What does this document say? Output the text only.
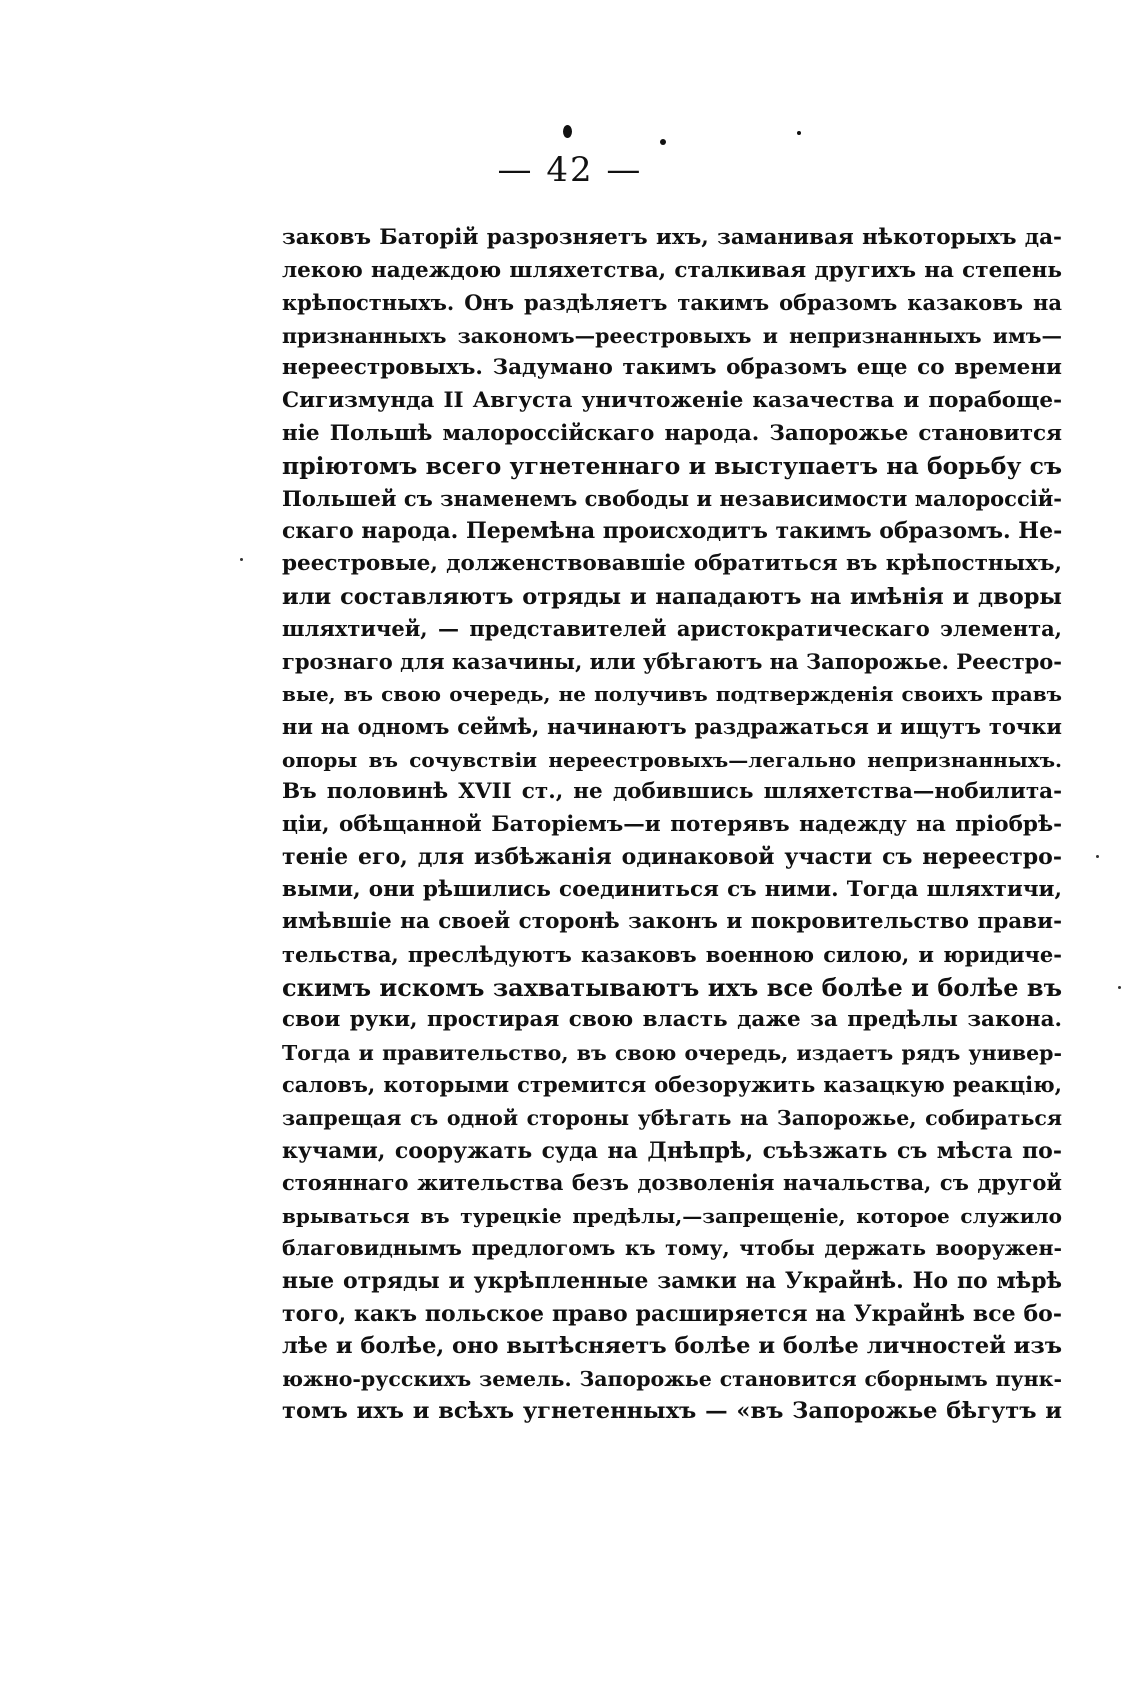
— 42 —
заковъ Баторій разрозняетъ ихъ, заманивая нѣкоторыхъ да-
лекою надеждою шляхетства, сталкивая другихъ на степень
крѣпостныхъ. Онъ раздѣляетъ такимъ образомъ казаковъ на
признанныхъ закономъ—реестровыхъ и непризнанныхъ имъ—
нереестровыхъ. Задумано такимъ образомъ еще со времени
Сигизмунда II Августа уничтоженіе казачества и порабоще-
ніе Польшѣ малороссійскаго народа. Запорожье становится
пріютомъ всего угнетеннаго и выступаетъ на борьбу съ
Польшей съ знаменемъ свободы и независимости малороссій-
скаго народа. Перемѣна происходитъ такимъ образомъ. Не-
реестровые, долженствовавшіе обратиться въ крѣпостныхъ,
или составляютъ отряды и нападаютъ на имѣнія и дворы
шляхтичей, — представителей аристократическаго элемента,
грознаго для казачины, или убѣгаютъ на Запорожье. Реестро-
вые, въ свою очередь, не получивъ подтвержденія своихъ правъ
ни на одномъ сеймѣ, начинаютъ раздражаться и ищутъ точки
опоры въ сочувствіи нереестровыхъ—легально непризнанныхъ.
Въ половинѣ XVII ст., не добившись шляхетства—нобилита-
ціи, обѣщанной Баторіемъ—и потерявъ надежду на пріобрѣ-
теніе его, для избѣжанія одинаковой участи съ нереестро-
выми, они рѣшились соединиться съ ними. Тогда шляхтичи,
имѣвшіе на своей сторонѣ законъ и покровительство прави-
тельства, преслѣдуютъ казаковъ военною силою, и юридиче-
скимъ искомъ захватываютъ ихъ все болѣе и болѣе въ
свои руки, простирая свою власть даже за предѣлы закона.
Тогда и правительство, въ свою очередь, издаетъ рядъ универ-
саловъ, которыми стремится обезоружить казацкую реакцію,
запрещая съ одной стороны убѣгать на Запорожье, собираться
кучами, сооружать суда на Днѣпрѣ, съѣзжать съ мѣста по-
стояннаго жительства безъ дозволенія начальства, съ другой
врываться въ турецкіе предѣлы,—запрещеніе, которое служило
благовиднымъ предлогомъ къ тому, чтобы держать вооружен-
ные отряды и укрѣпленные замки на Украйнѣ. Но по мѣрѣ
того, какъ польское право расширяется на Украйнѣ все бо-
лѣе и болѣе, оно вытѣсняетъ болѣе и болѣе личностей изъ
южно-русскихъ земель. Запорожье становится сборнымъ пунк-
томъ ихъ и всѣхъ угнетенныхъ — «въ Запорожье бѣгутъ и
